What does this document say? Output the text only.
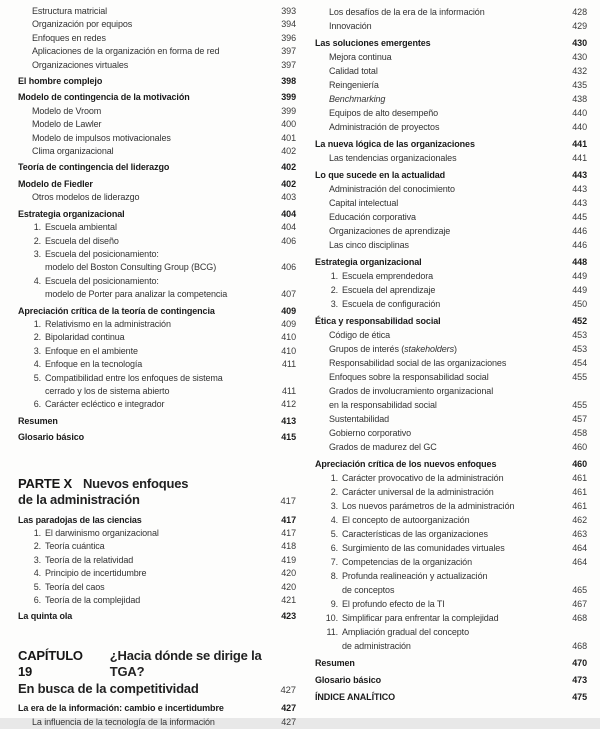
Estructura matricial	393
Organización por equipos	394
Enfoques en redes	396
Aplicaciones de la organización en forma de red	397
Organizaciones virtuales	397
El hombre complejo	398
Modelo de contingencia de la motivación	399
Modelo de Vroom	399
Modelo de Lawler	400
Modelo de impulsos motivacionales	401
Clima organizacional	402
Teoría de contingencia del liderazgo	402
Modelo de Fiedler	402
Otros modelos de liderazgo	403
Estrategia organizacional	404
1. Escuela ambiental	404
2. Escuela del diseño	406
3. Escuela del posicionamiento:
modelo del Boston Consulting Group (BCG)	406
4. Escuela del posicionamiento:
modelo de Porter para analizar la competencia	407
Apreciación crítica de la teoría de contingencia	409
1. Relativismo en la administración	409
2. Bipolaridad continua	410
3. Enfoque en el ambiente	410
4. Enfoque en la tecnología	411
5. Compatibilidad entre los enfoques de sistema
cerrado y los de sistema abierto	411
6. Carácter ecléctico e integrador	412
Resumen	413
Glosario básico	415
PARTE X Nuevos enfoques
de la administración	417
Las paradojas de las ciencias	417
1. El darwinismo organizacional	417
2. Teoría cuántica	418
3. Teoría de la relatividad	419
4. Principio de incertidumbre	420
5. Teoría del caos	420
6. Teoría de la complejidad	421
La quinta ola	423
CAPÍTULO 19
¿Hacia dónde se dirige la TGA?
En busca de la competitividad	427
La era de la información: cambio e incertidumbre	427
La influencia de la tecnología de la información	427
Los desafíos de la era de la información	428
Innovación	429
Las soluciones emergentes	430
Mejora continua	430
Calidad total	432
Reingeniería	435
Benchmarking	438
Equipos de alto desempeño	440
Administración de proyectos	440
La nueva lógica de las organizaciones	441
Las tendencias organizacionales	441
Lo que sucede en la actualidad	443
Administración del conocimiento	443
Capital intelectual	443
Educación corporativa	445
Organizaciones de aprendizaje	446
Las cinco disciplinas	446
Estrategia organizacional	448
1. Escuela emprendedora	449
2. Escuela del aprendizaje	449
3. Escuela de configuración	450
Ética y responsabilidad social	452
Código de ética	453
Grupos de interés (stakeholders)	453
Responsabilidad social de las organizaciones	454
Enfoques sobre la responsabilidad social	455
Grados de involucramiento organizacional
en la responsabilidad social	455
Sustentabilidad	457
Gobierno corporativo	458
Grados de madurez del GC	460
Apreciación crítica de los nuevos enfoques	460
1. Carácter provocativo de la administración	461
2. Carácter universal de la administración	461
3. Los nuevos parámetros de la administración	461
4. El concepto de autoorganización	462
5. Características de las organizaciones	463
6. Surgimiento de las comunidades virtuales	464
7. Competencias de la organización	464
8. Profunda realineación y actualización
de conceptos	465
9. El profundo efecto de la TI	467
10. Simplificar para enfrentar la complejidad	468
11. Ampliación gradual del concepto
de administración	468
Resumen	470
Glosario básico	473
ÍNDICE ANALÍTICO	475
